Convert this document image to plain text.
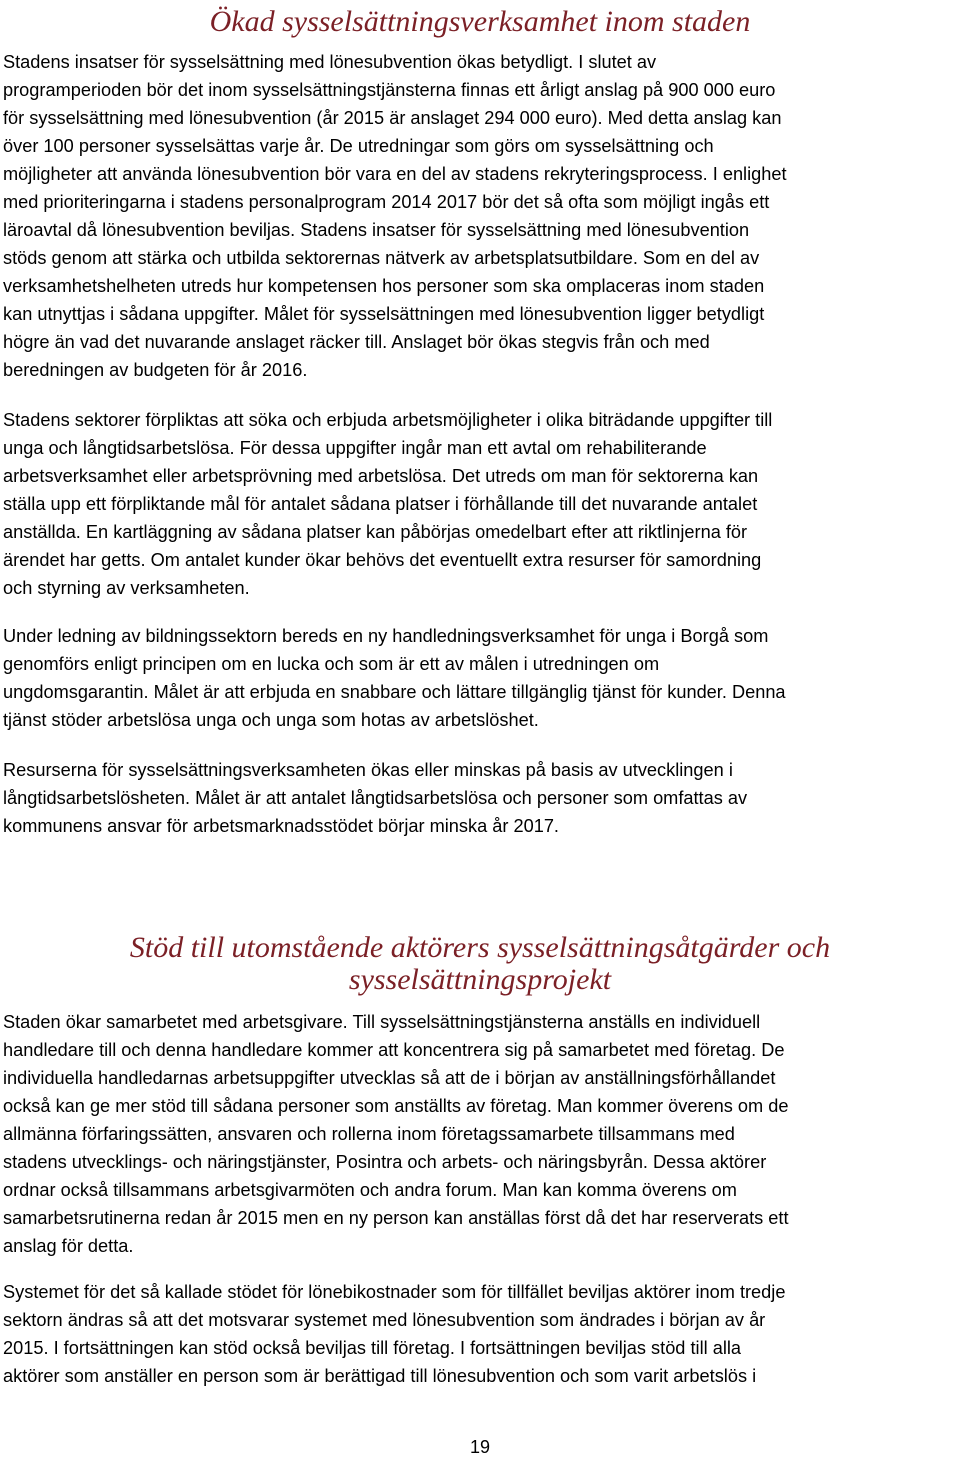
Ökad sysselsättningsverksamhet inom staden

Stadens insatser för sysselsättning med lönesubvention ökas betydligt. I slutet av
programperioden bör det inom sysselsättningstjänsterna finnas ett årligt anslag på 900 000 euro
för sysselsättning med lönesubvention (år 2015 är anslaget 294 000 euro). Med detta anslag kan
över 100 personer sysselsättas varje år. De utredningar som görs om sysselsättning och
möjligheter att använda lönesubvention bör vara en del av stadens rekryteringsprocess. I enlighet
med prioriteringarna i stadens personalprogram 2014 2017 bör det så ofta som möjligt ingås ett
läroavtal då lönesubvention beviljas. Stadens insatser för sysselsättning med lönesubvention
stöds genom att stärka och utbilda sektorernas nätverk av arbetsplatsutbildare. Som en del av
verksamhetshelheten utreds hur kompetensen hos personer som ska omplaceras inom staden
kan utnyttjas i sådana uppgifter. Målet för sysselsättningen med lönesubvention ligger betydligt
högre än vad det nuvarande anslaget räcker till. Anslaget bör ökas stegvis från och med
beredningen av budgeten för år 2016.

Stadens sektorer förpliktas att söka och erbjuda arbetsmöjligheter i olika biträdande uppgifter till
unga och långtidsarbetslösa. För dessa uppgifter ingår man ett avtal om rehabiliterande
arbetsverksamhet eller arbetsprövning med arbetslösa. Det utreds om man för sektorerna kan
ställa upp ett förpliktande mål för antalet sådana platser i förhållande till det nuvarande antalet
anställda. En kartläggning av sådana platser kan påbörjas omedelbart efter att riktlinjerna för
ärendet har getts. Om antalet kunder ökar behövs det eventuellt extra resurser för samordning
och styrning av verksamheten.

Under ledning av bildningssektorn bereds en ny handledningsverksamhet för unga i Borgå som
genomförs enligt principen om en lucka och som är ett av målen i utredningen om
ungdomsgarantin. Målet är att erbjuda en snabbare och lättare tillgänglig tjänst för kunder. Denna
tjänst stöder arbetslösa unga och unga som hotas av arbetslöshet.

Resurserna för sysselsättningsverksamheten ökas eller minskas på basis av utvecklingen i
långtidsarbetslösheten. Målet är att antalet långtidsarbetslösa och personer som omfattas av
kommunens ansvar för arbetsmarknadsstödet börjar minska år 2017.

Stöd till utomstående aktörers sysselsättningsåtgärder och
sysselsättningsprojekt

Staden ökar samarbetet med arbetsgivare. Till sysselsättningstjänsterna anställs en individuell
handledare till och denna handledare kommer att koncentrera sig på samarbetet med företag. De
individuella handledarnas arbetsuppgifter utvecklas så att de i början av anställningsförhållandet
också kan ge mer stöd till sådana personer som anställts av företag. Man kommer överens om de
allmänna förfaringssätten, ansvaren och rollerna inom företagssamarbete tillsammans med
stadens utvecklings- och näringstjänster, Posintra och arbets- och näringsbyrån. Dessa aktörer
ordnar också tillsammans arbetsgivarmöten och andra forum. Man kan komma överens om
samarbetsrutinerna redan år 2015 men en ny person kan anställas först då det har reserverats ett
anslag för detta.

Systemet för det så kallade stödet för lönebikostnader som för tillfället beviljas aktörer inom tredje
sektorn ändras så att det motsvarar systemet med lönesubvention som ändrades i början av år
2015. I fortsättningen kan stöd också beviljas till företag. I fortsättningen beviljas stöd till alla
aktörer som anställer en person som är berättigad till lönesubvention och som varit arbetslös i

19
